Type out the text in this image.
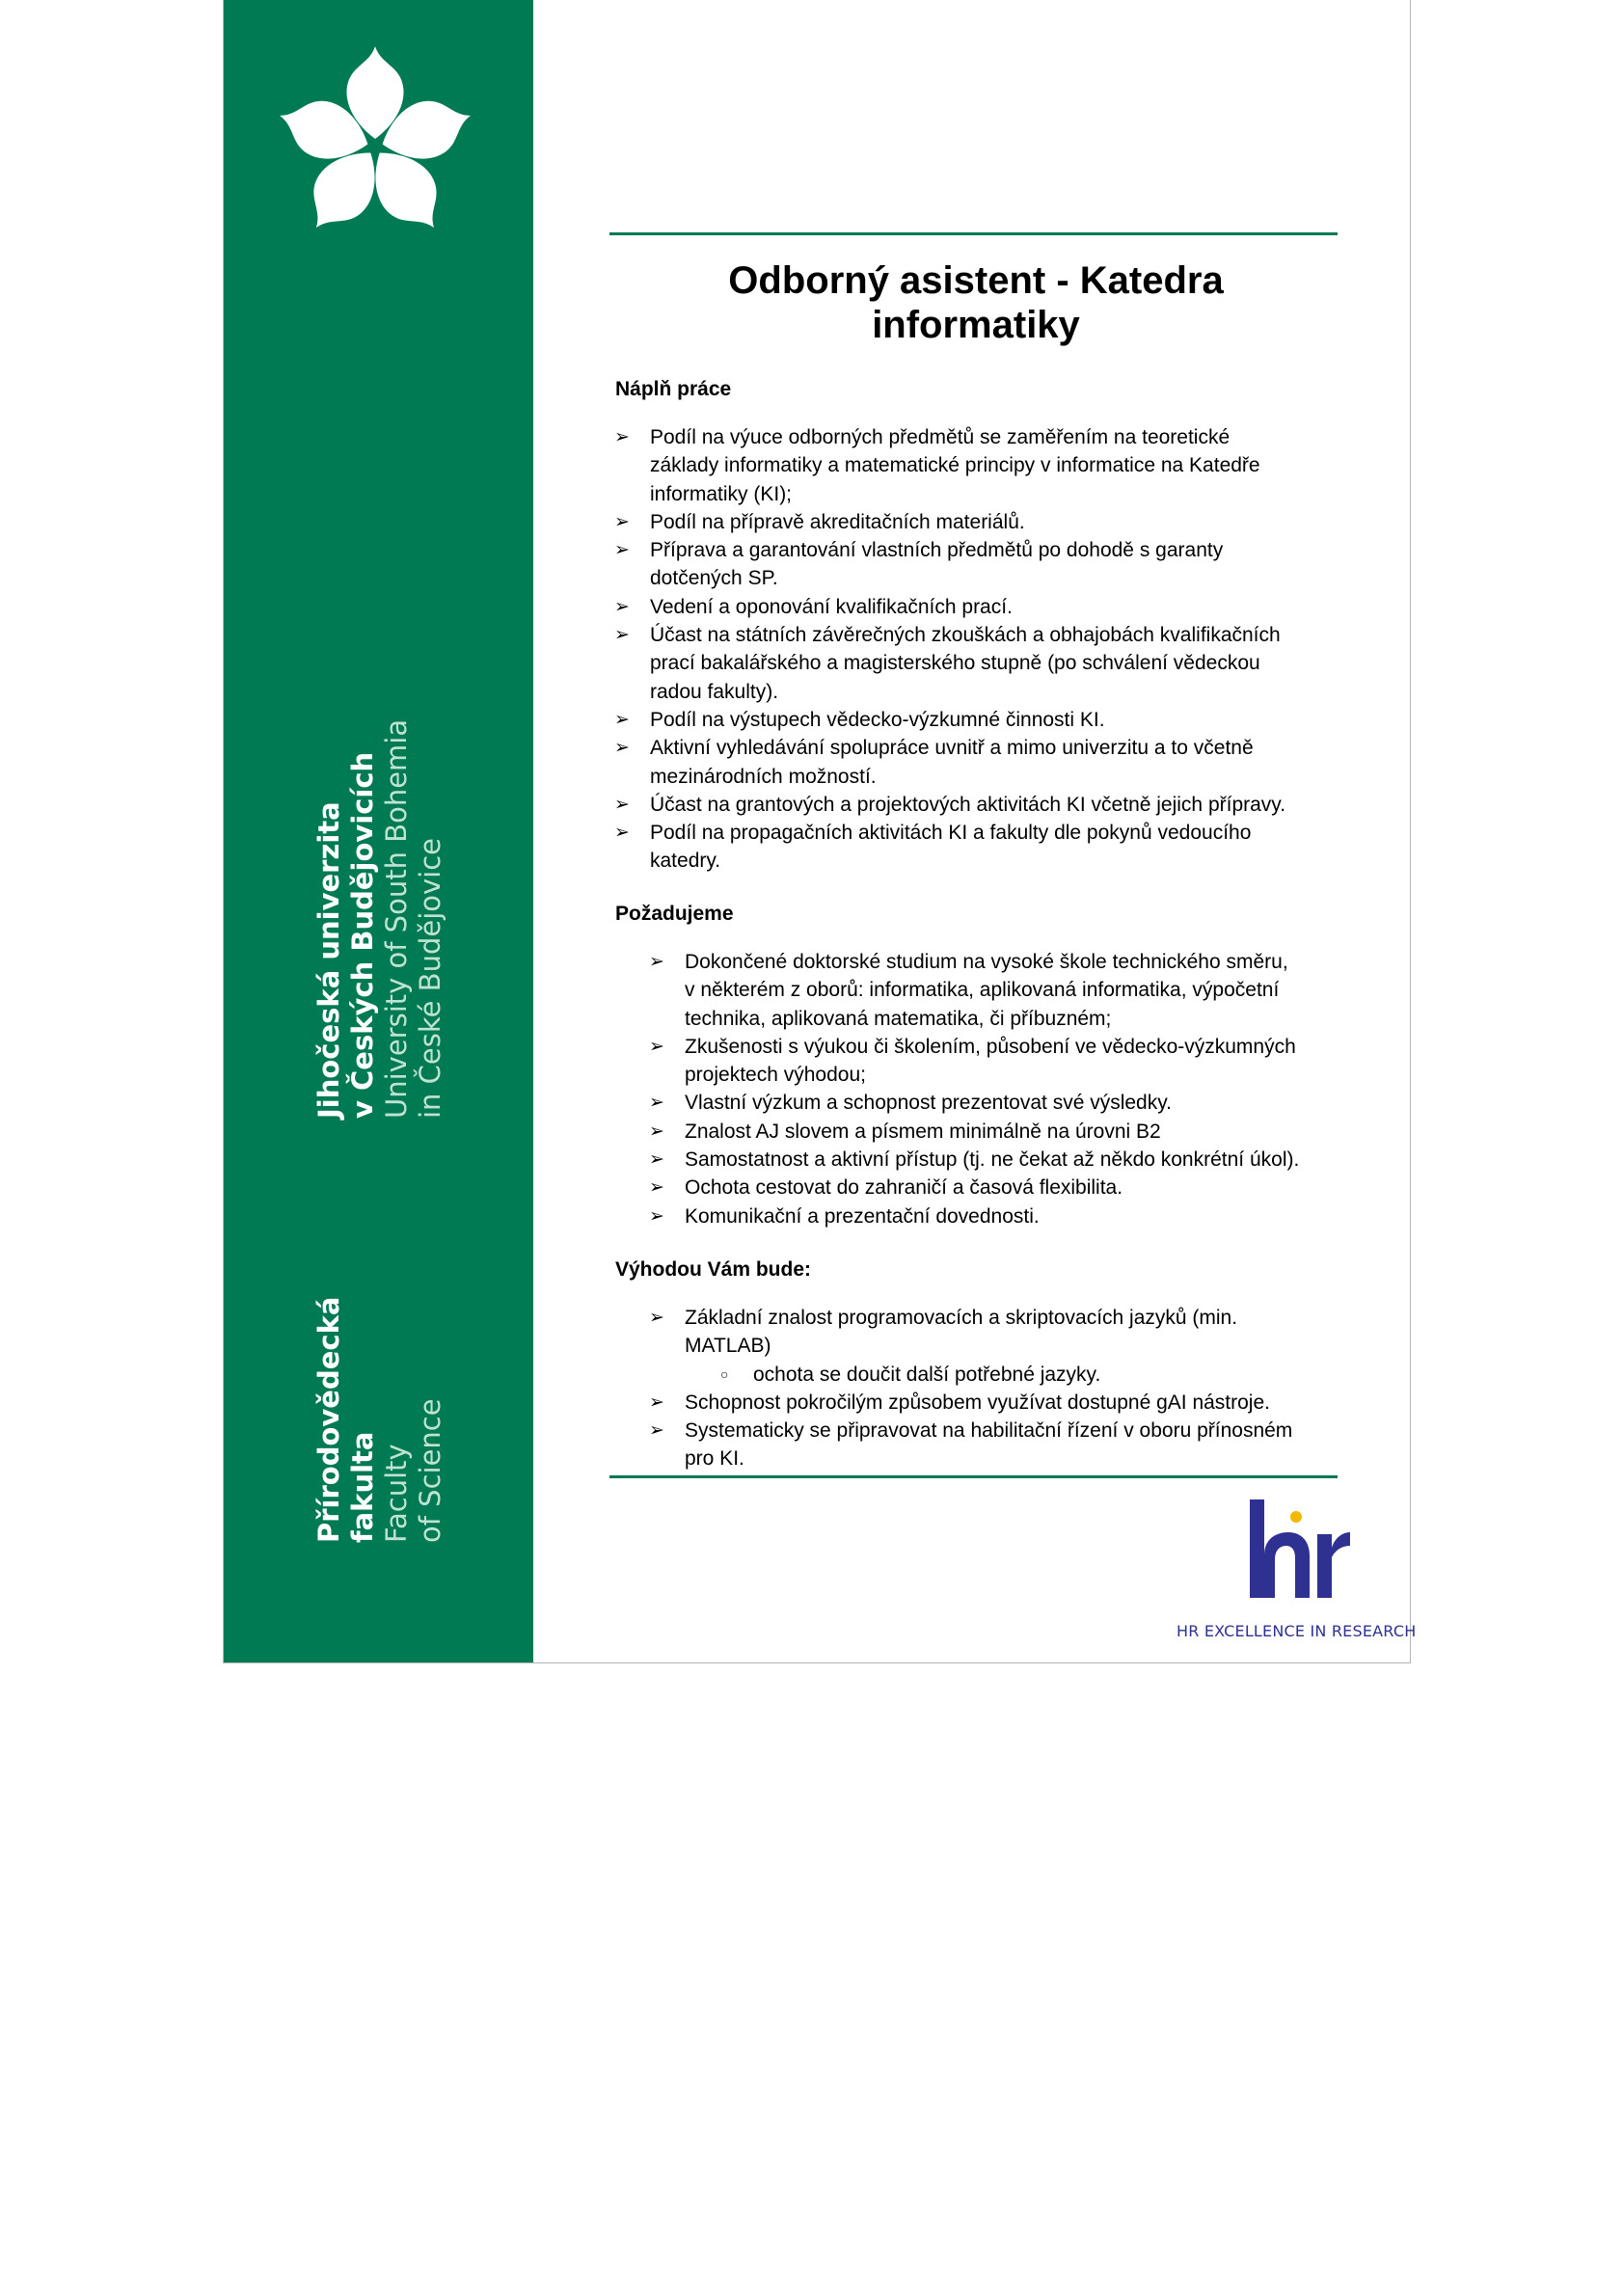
Přírodovědecká fakulta Faculty of Science
Jihočeská univerzita v Českých Budějovicích University of South Bohemia in České Budějovice
Odborný asistent - Katedra
informatiky
Náplň práce
➢ Podíl na výuce odborných předmětů se zaměřením na teoretické
základy informatiky a matematické principy v informatice na Katedře
informatiky (KI);
➢ Podíl na přípravě akreditačních materiálů.
➢ Příprava a garantování vlastních předmětů po dohodě s garanty
dotčených SP.
➢ Vedení a oponování kvalifikačních prací.
➢ Účast na státních závěrečných zkouškách a obhajobách kvalifikačních
prací bakalářského a magisterského stupně (po schválení vědeckou
radou fakulty).
➢ Podíl na výstupech vědecko-výzkumné činnosti KI.
➢ Aktivní vyhledávání spolupráce uvnitř a mimo univerzitu a to včetně
mezinárodních možností.
➢ Účast na grantových a projektových aktivitách KI včetně jejich přípravy.
➢ Podíl na propagačních aktivitách KI a fakulty dle pokynů vedoucího
katedry.
Požadujeme
➢ Dokončené doktorské studium na vysoké škole technického směru,
v některém z oborů: informatika, aplikovaná informatika, výpočetní
technika, aplikovaná matematika, či příbuzném;
➢ Zkušenosti s výukou či školením, působení ve vědecko-výzkumných
projektech výhodou;
➢ Vlastní výzkum a schopnost prezentovat své výsledky.
➢ Znalost AJ slovem a písmem minimálně na úrovni B2
➢ Samostatnost a aktivní přístup (tj. ne čekat až někdo konkrétní úkol).
➢ Ochota cestovat do zahraničí a časová flexibilita.
➢ Komunikační a prezentační dovednosti.
Výhodou Vám bude:
➢ Základní znalost programovacích a skriptovacích jazyků (min.
MATLAB)
○ ochota se doučit další potřebné jazyky.
➢ Schopnost pokročilým způsobem využívat dostupné gAI nástroje.
➢ Systematicky se připravovat na habilitační řízení v oboru přínosném
pro KI.
HR EXCELLENCE IN RESEARCH
